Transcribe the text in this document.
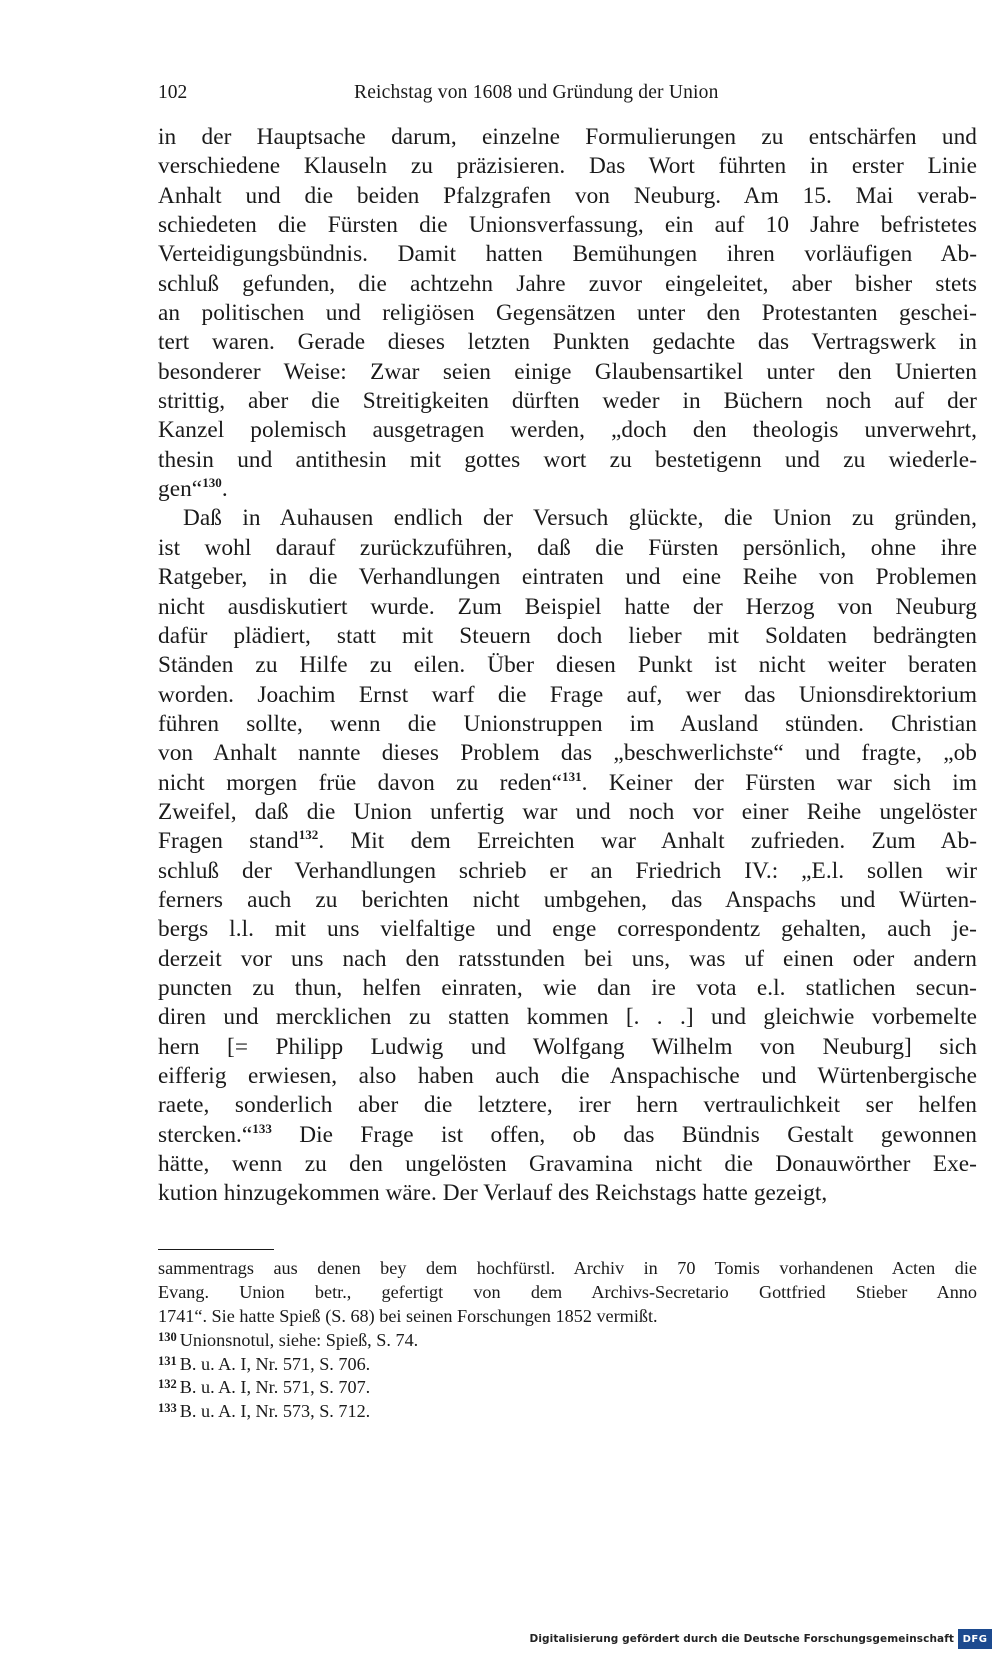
102	Reichstag von 1608 und Gründung der Union
in der Hauptsache darum, einzelne Formulierungen zu entschärfen und
verschiedene Klauseln zu präzisieren. Das Wort führten in erster Linie
Anhalt und die beiden Pfalzgrafen von Neuburg. Am 15. Mai verab-
schiedeten die Fürsten die Unionsverfassung, ein auf 10 Jahre befristetes
Verteidigungsbündnis. Damit hatten Bemühungen ihren vorläufigen Ab-
schluß gefunden, die achtzehn Jahre zuvor eingeleitet, aber bisher stets
an politischen und religiösen Gegensätzen unter den Protestanten geschei-
tert waren. Gerade dieses letzten Punkten gedachte das Vertragswerk in
besonderer Weise: Zwar seien einige Glaubensartikel unter den Unierten
strittig, aber die Streitigkeiten dürften weder in Büchern noch auf der
Kanzel polemisch ausgetragen werden, „doch den theologis unverwehrt,
thesin und antithesin mit gottes wort zu bestetigenn und zu wiederle-
gen“$^{130}$.
Daß in Auhausen endlich der Versuch glückte, die Union zu gründen,
ist wohl darauf zurückzuführen, daß die Fürsten persönlich, ohne ihre
Ratgeber, in die Verhandlungen eintraten und eine Reihe von Problemen
nicht ausdiskutiert wurde. Zum Beispiel hatte der Herzog von Neuburg
dafür plädiert, statt mit Steuern doch lieber mit Soldaten bedrängten
Ständen zu Hilfe zu eilen. Über diesen Punkt ist nicht weiter beraten
worden. Joachim Ernst warf die Frage auf, wer das Unionsdirektorium
führen sollte, wenn die Unionstruppen im Ausland stünden. Christian
von Anhalt nannte dieses Problem das „beschwerlichste“ und fragte, „ob
nicht morgen früe davon zu reden“$^{131}$. Keiner der Fürsten war sich im
Zweifel, daß die Union unfertig war und noch vor einer Reihe ungelöster
Fragen stand$^{132}$. Mit dem Erreichten war Anhalt zufrieden. Zum Ab-
schluß der Verhandlungen schrieb er an Friedrich IV.: „E.l. sollen wir
ferners auch zu berichten nicht umbgehen, das Anspachs und Würten-
bergs l.l. mit uns vielfaltige und enge correspondentz gehalten, auch je-
derzeit vor uns nach den ratsstunden bei uns, was uf einen oder andern
puncten zu thun, helfen einraten, wie dan ire vota e.l. statlichen secun-
diren und mercklichen zu statten kommen [. . .] und gleichwie vorbemelte
hern [= Philipp Ludwig und Wolfgang Wilhelm von Neuburg] sich
eifferig erwiesen, also haben auch die Anspachische und Würtenbergische
raete, sonderlich aber die letztere, irer hern vertraulichkeit ser helfen
stercken.“$^{133}$ Die Frage ist offen, ob das Bündnis Gestalt gewonnen
hätte, wenn zu den ungelösten Gravamina nicht die Donauwörther Exe-
kution hinzugekommen wäre. Der Verlauf des Reichstags hatte gezeigt,
sammentrags aus denen bey dem hochfürstl. Archiv in 70 Tomis vorhandenen Acten die
Evang. Union betr., gefertigt von dem Archivs-Secretario Gottfried Stieber Anno
1741“. Sie hatte Spieß (S. 68) bei seinen Forschungen 1852 vermißt.
$^{130}$ Unionsnotul, siehe: Spieß, S. 74.
$^{131}$ B. u. A. I, Nr. 571, S. 706.
$^{132}$ B. u. A. I, Nr. 571, S. 707.
$^{133}$ B. u. A. I, Nr. 573, S. 712.
Digitalisierung gefördert durch die Deutsche Forschungsgemeinschaft DFG
